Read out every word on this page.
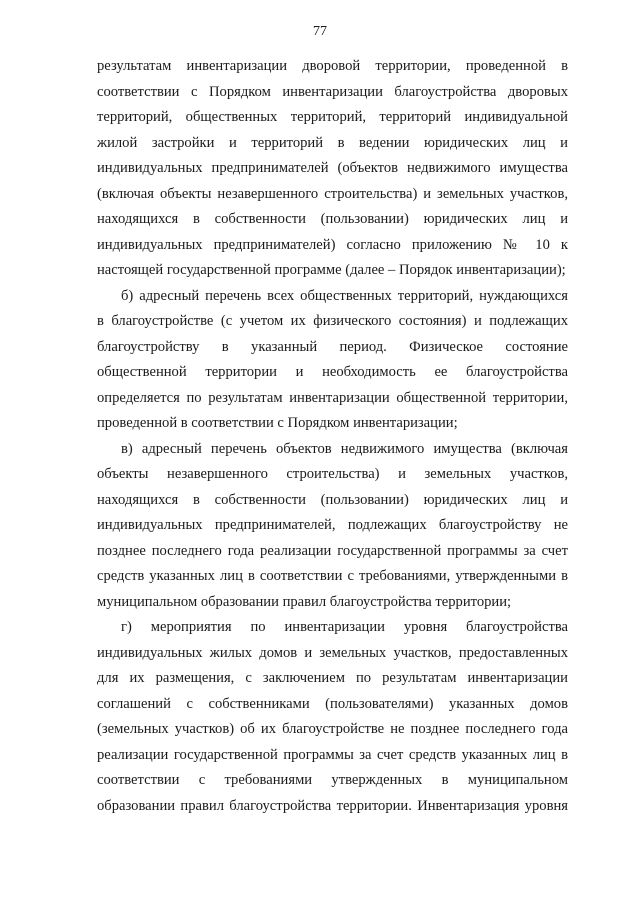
77
результатам инвентаризации дворовой территории, проведенной в
соответствии с Порядком инвентаризации благоустройства дворовых
территорий, общественных территорий, территорий индивидуальной
жилой застройки и территорий в ведении юридических лиц и
индивидуальных предпринимателей (объектов недвижимого имущества
(включая объекты незавершенного строительства) и земельных участков,
находящихся в собственности (пользовании) юридических лиц и
индивидуальных предпринимателей) согласно приложению № 10 к
настоящей государственной программе (далее – Порядок инвентаризации);
б) адресный перечень всех общественных территорий, нуждающихся
в благоустройстве (с учетом их физического состояния) и подлежащих
благоустройству в указанный период. Физическое состояние
общественной территории и необходимость ее благоустройства
определяется по результатам инвентаризации общественной территории,
проведенной в соответствии с Порядком инвентаризации;
в) адресный перечень объектов недвижимого имущества (включая
объекты незавершенного строительства) и земельных участков,
находящихся в собственности (пользовании) юридических лиц и
индивидуальных предпринимателей, подлежащих благоустройству не
позднее последнего года реализации государственной программы за счет
средств указанных лиц в соответствии с требованиями, утвержденными в
муниципальном образовании правил благоустройства территории;
г) мероприятия по инвентаризации уровня благоустройства
индивидуальных жилых домов и земельных участков, предоставленных
для их размещения, с заключением по результатам инвентаризации
соглашений с собственниками (пользователями) указанных домов
(земельных участков) об их благоустройстве не позднее последнего года
реализации государственной программы за счет средств указанных лиц в
соответствии с требованиями утвержденных в муниципальном
образовании правил благоустройства территории. Инвентаризация уровня
